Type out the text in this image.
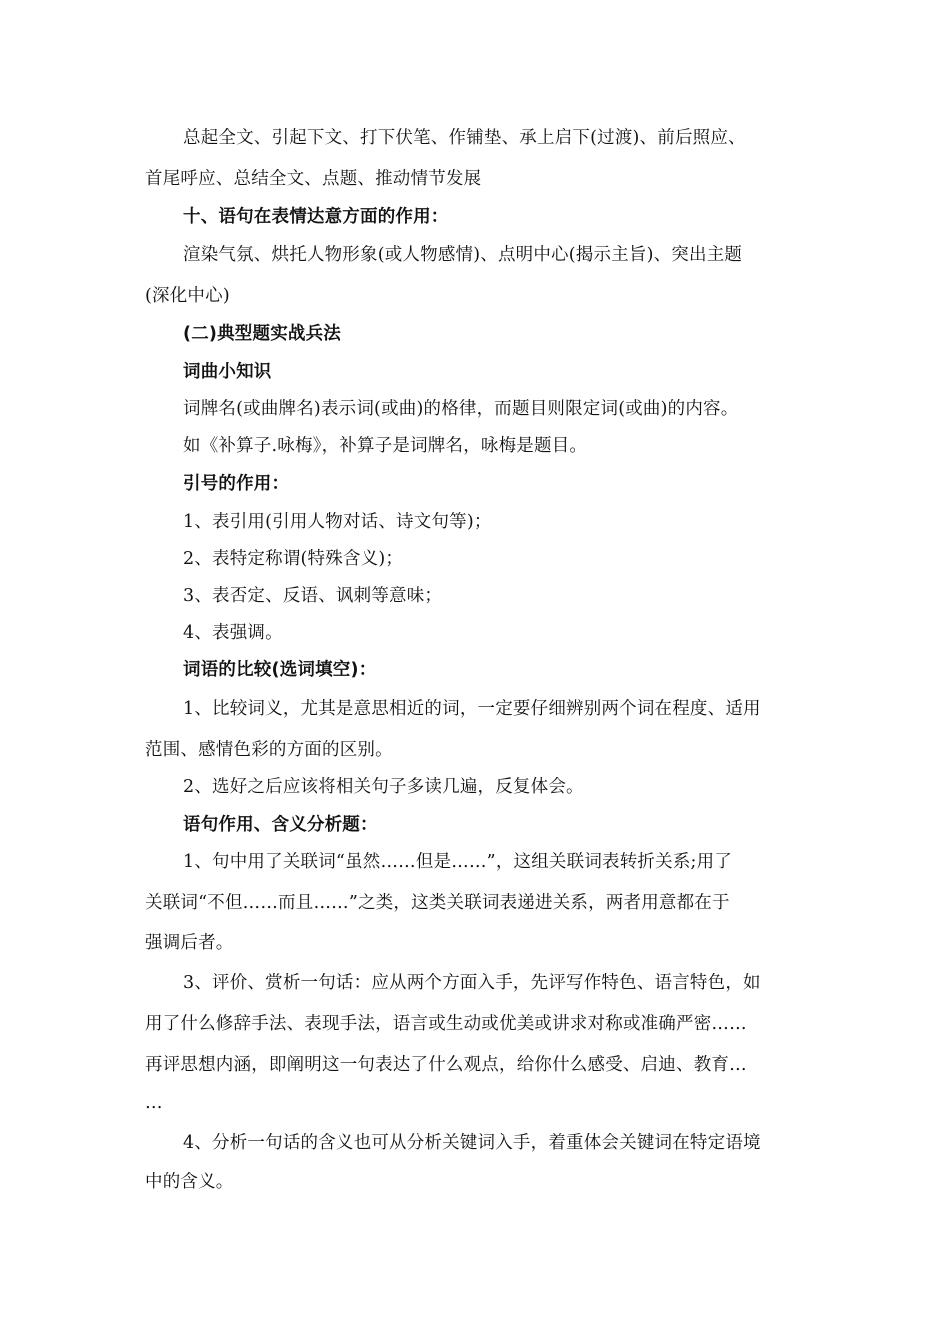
总起全文、引起下文、打下伏笔、作铺垫、承上启下(过渡)、前后照应、
首尾呼应、总结全文、点题、推动情节发展
十、语句在表情达意方面的作用：
渲染气氛、烘托人物形象(或人物感情)、点明中心(揭示主旨)、突出主题
(深化中心)
(二)典型题实战兵法
词曲小知识
词牌名(或曲牌名)表示词(或曲)的格律，而题目则限定词(或曲)的内容。
如《补算子.咏梅》，补算子是词牌名，咏梅是题目。
引号的作用：
1、表引用(引用人物对话、诗文句等)；
2、表特定称谓(特殊含义)；
3、表否定、反语、讽刺等意味；
4、表强调。
词语的比较(选词填空)：
1、比较词义，尤其是意思相近的词，一定要仔细辨别两个词在程度、适用
范围、感情色彩的方面的区别。
2、选好之后应该将相关句子多读几遍，反复体会。
语句作用、含义分析题：
1、句中用了关联词“虽然……但是……”，这组关联词表转折关系;用了
关联词“不但……而且……”之类，这类关联词表递进关系，两者用意都在于
强调后者。
3、评价、赏析一句话：应从两个方面入手，先评写作特色、语言特色，如
用了什么修辞手法、表现手法，语言或生动或优美或讲求对称或准确严密……
再评思想内涵，即阐明这一句表达了什么观点，给你什么感受、启迪、教育…
…
4、分析一句话的含义也可从分析关键词入手，着重体会关键词在特定语境
中的含义。
